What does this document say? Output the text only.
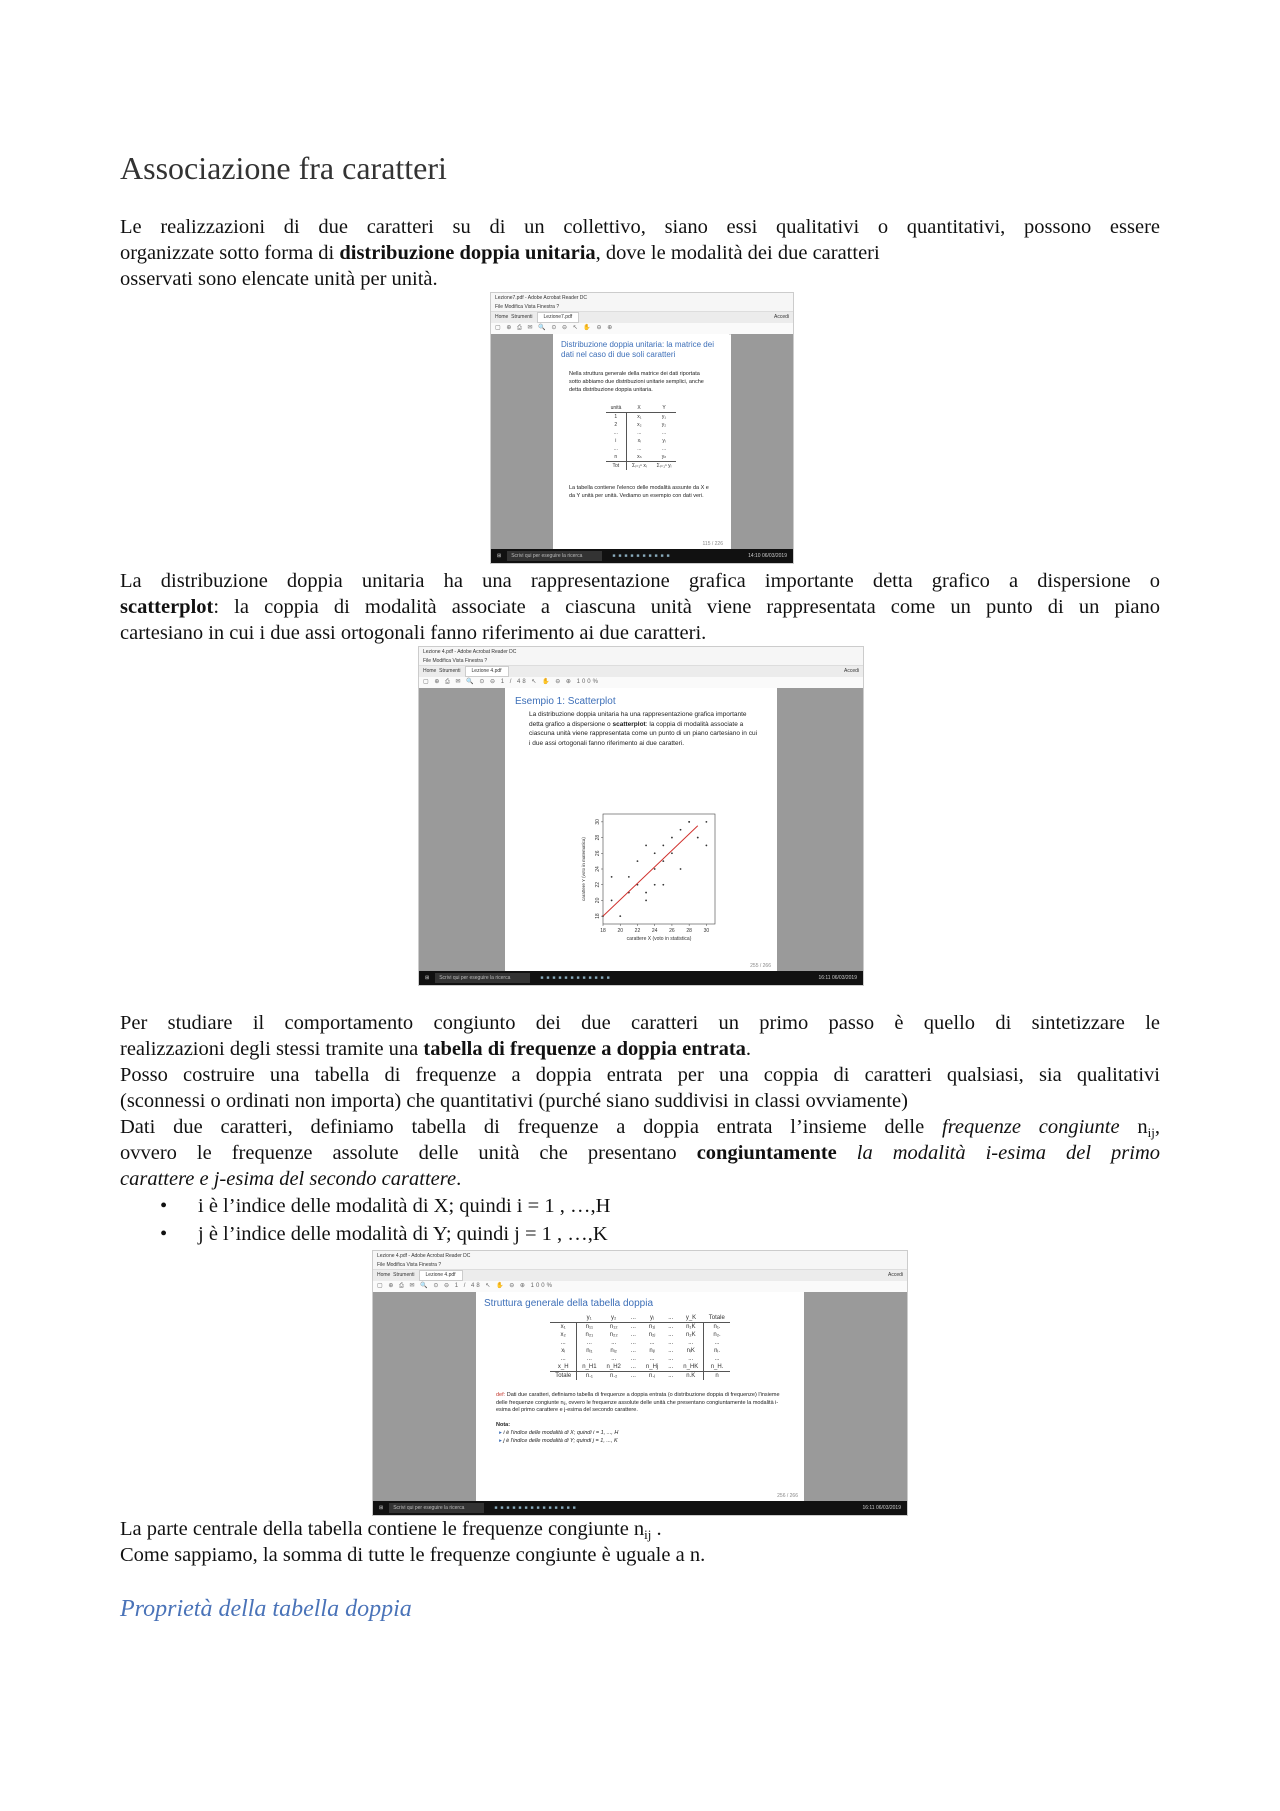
Associazione fra caratteri
Le realizzazioni di due caratteri su di un collettivo, siano essi qualitativi o quantitativi, possono essere
organizzate sotto forma di distribuzione doppia unitaria, dove le modalità dei due caratteri
osservati sono elencate unità per unità.
Lezione7.pdf - Adobe Acrobat Reader DC
File Modifica Vista Finestra ?
Home Strumenti Lezione7.pdf	Accedi
▢ ⊕ ⎙ ✉ 🔍 ⊙ ⊖ ↖ ✋ ⊖ ⊕
Distribuzione doppia unitaria: la matrice dei dati nel caso di due soli caratteri
Nella struttura generale della matrice dei dati riportata sotto abbiamo due distribuzioni unitarie semplici, anche detta distribuzione doppia unitaria.
unità	X	Y
1	x₁	y₁
2	x₂	y₂
...	...	...
i	xᵢ	yᵢ
...	...	...
n	xₙ	yₙ
Tot	Σᵢ₌₁ⁿ xᵢ	Σᵢ₌₁ⁿ yᵢ
La tabella contiene l'elenco delle modalità assunte da X e da Y unità per unità. Vediamo un esempio con dati veri.
115 / 226
⊞ Scrivi qui per eseguire la ricerca	■■■■■■■■■■	14:10 06/03/2019
La distribuzione doppia unitaria ha una rappresentazione grafica importante detta grafico a dispersione o
scatterplot: la coppia di modalità associate a ciascuna unità viene rappresentata come un punto di un piano
cartesiano in cui i due assi ortogonali fanno riferimento ai due caratteri.
Lezione 4.pdf - Adobe Acrobat Reader DC
File Modifica Vista Finestra ?
Home Strumenti Lezione 4.pdf	Accedi
▢ ⊕ ⎙ ✉ 🔍 ⊙ ⊖ 1 / 48 ↖ ✋ ⊖ ⊕ 100%
Esempio 1: Scatterplot
La distribuzione doppia unitaria ha una rappresentazione grafica importante detta grafico a dispersione o scatterplot: la coppia di modalità associate a ciascuna unità viene rappresentata come un punto di un piano cartesiano in cui i due assi ortogonali fanno riferimento ai due caratteri.
18 20 22 24 26 28 30
18
20
22
24
26
28
30
carattere X (voto in statistica)
carattere Y (voto in matematica)
255 / 266
⊞ Scrivi qui per eseguire la ricerca	■■■■■■■■■■■■	16:11 06/03/2019
Per studiare il comportamento congiunto dei due caratteri un primo passo è quello di sintetizzare le
realizzazioni degli stessi tramite una tabella di frequenze a doppia entrata.
Posso costruire una tabella di frequenze a doppia entrata per una coppia di caratteri qualsiasi, sia qualitativi
(sconnessi o ordinati non importa) che quantitativi (purché siano suddivisi in classi ovviamente)
Dati due caratteri, definiamo tabella di frequenze a doppia entrata l’insieme delle frequenze congiunte $n_{ij}$,
ovvero le frequenze assolute delle unità che presentano congiuntamente la modalità i-esima del primo
carattere e j-esima del secondo carattere.
• i è l’indice delle modalità di X; quindi i = 1 , …,H
• j è l’indice delle modalità di Y; quindi j = 1 , …,K
Lezione 4.pdf - Adobe Acrobat Reader DC
File Modifica Vista Finestra ?
Home Strumenti Lezione 4.pdf	Accedi
▢ ⊕ ⎙ ✉ 🔍 ⊙ ⊖ 1 / 48 ↖ ✋ ⊖ ⊕ 100%
Struttura generale della tabella doppia
	y₁	y₂	...	yⱼ	...	y_K	Totale
x₁	n₁₁	n₁₂	...	n₁ⱼ	...	n₁K	n₁.
x₂	n₂₁	n₂₂	...	n₂ⱼ	...	n₂K	n₂.
...	...	...	...	...	...	...	...
xᵢ	nᵢ₁	nᵢ₂	...	nᵢⱼ	...	nᵢK	nᵢ.
...	...	...	...	...	...	...	...
x_H	n_H1	n_H2	...	n_Hj	...	n_HK	n_H.
Totale	n.₁	n.₂	...	n.ⱼ	...	n.K	n
def: Dati due caratteri, definiamo tabella di frequenze a doppia entrata (o distribuzione doppia di frequenze) l'insieme delle frequenze congiunte nᵢⱼ, ovvero le frequenze assolute delle unità che presentano congiuntamente la modalità i-esima del primo carattere e j-esima del secondo carattere.
Nota:
▸ i è l'indice delle modalità di X; quindi i = 1, ..., H
▸ j è l'indice delle modalità di Y; quindi j = 1, ..., K
256 / 266
⊞ Scrivi qui per eseguire la ricerca	■■■■■■■■■■■■■■	16:11 06/03/2019
La parte centrale della tabella contiene le frequenze congiunte $n_{ij}$ .
Come sappiamo, la somma di tutte le frequenze congiunte è uguale a n.
Proprietà della tabella doppia
